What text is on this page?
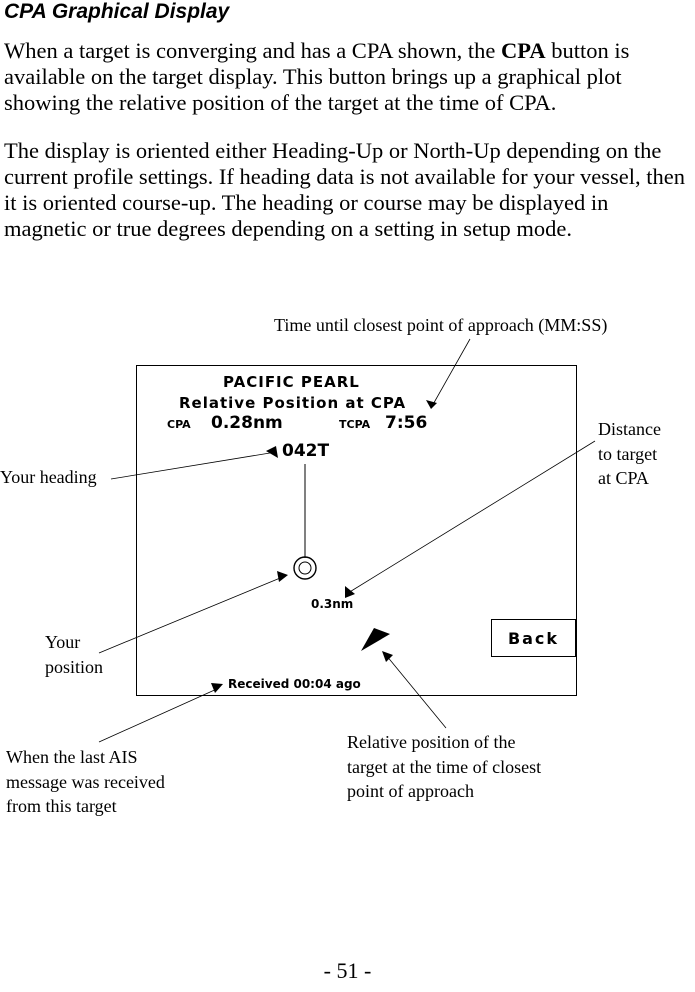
CPA Graphical Display

When a target is converging and has a CPA shown, the CPA button is available on the target display. This button brings up a graphical plot showing the relative position of the target at the time of CPA.

The display is oriented either Heading-Up or North-Up depending on the current profile settings. If heading data is not available for your vessel, then it is oriented course-up. The heading or course may be displayed in magnetic or true degrees depending on a setting in setup mode.

Time until closest point of approach (MM:SS)
Distance
to target
at CPA
Your heading
Your
position
When the last AIS
message was received
from this target
Relative position of the
target at the time of closest
point of approach
PACIFIC PEARL
Relative Position at CPA
CPA 0.28nm	TCPA 7:56
042T
0.3nm
Received 00:04 ago
Back
- 51 -
